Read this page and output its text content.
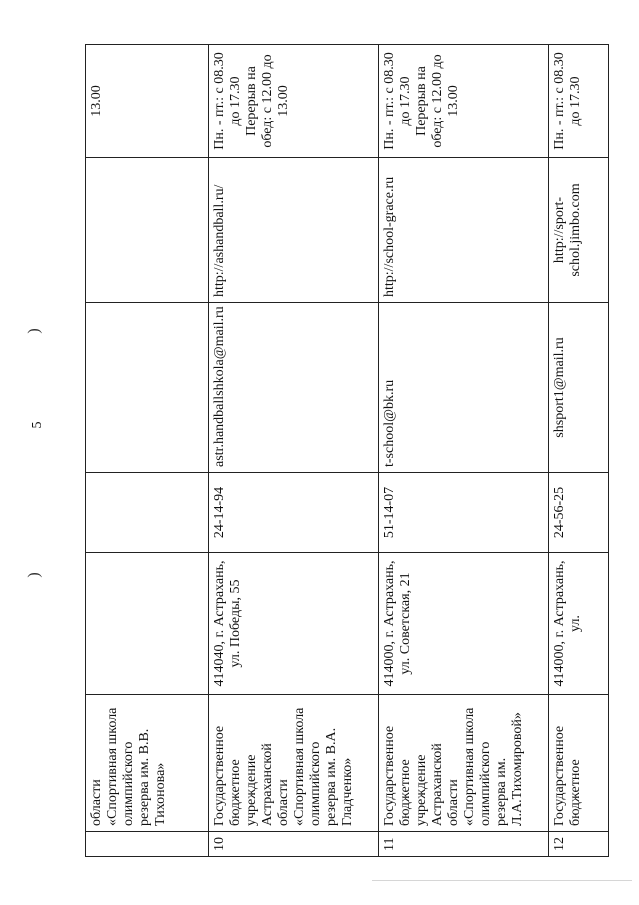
5
)
)
	области «Спортивная школа олимпийского резерва им. В.В. Тихонова»					13.00
10	Государственное бюджетное учреждение Астраханской области «Спортивная школа олимпийского резерва им. В.А. Гладченко»	414040, г. Астрахань, ул. Победы, 55	24-14-94	astr.handballshkola@mail.ru	http://ashandball.ru/	Пн. - пт.: с 08.30 до 17.30 Перерыв на обед: с 12.00 до 13.00
11	Государственное бюджетное учреждение Астраханской области «Спортивная школа олимпийского резерва им. Л.А.Тихомировой»	414000, г. Астрахань, ул. Советская, 21	51-14-07	t-school@bk.ru	http://school-grace.ru	Пн. - пт.: с 08.30 до 17.30 Перерыв на обед: с 12.00 до 13.00
12	Государственное бюджетное	414000, г. Астрахань, ул.	24-56-25	shsport1@mail.ru	http://sport-schol.jimbo.com	Пн. - пт.: с 08.30 до 17.30
